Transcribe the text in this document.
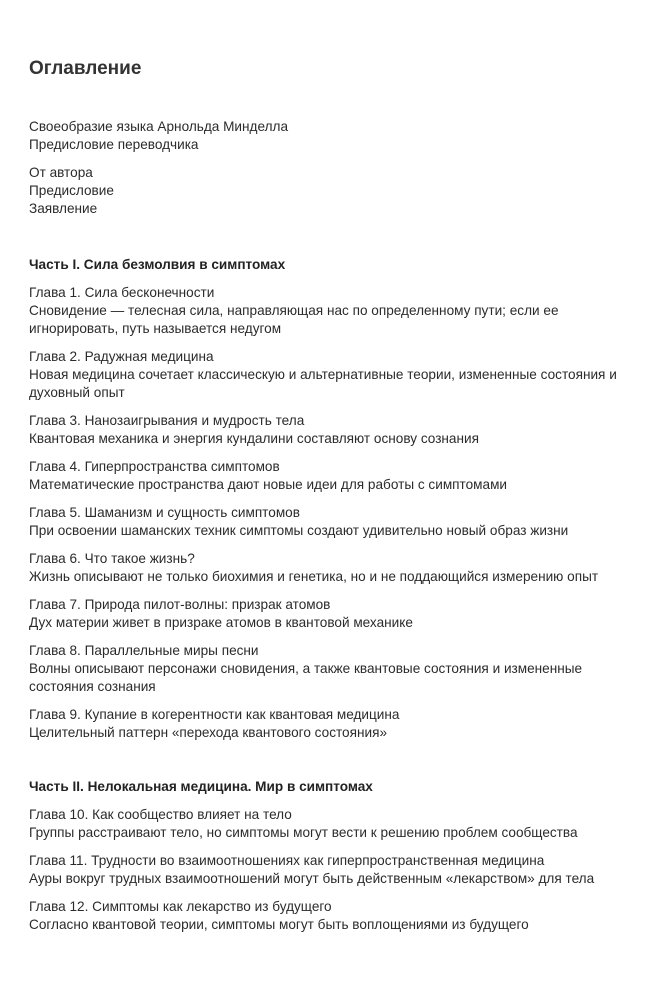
Оглавление
Своеобразие языка Арнольда Минделла
Предисловие переводчика
От автора
Предисловие
Заявление
Часть I. Сила безмолвия в симптомах
Глава 1. Сила бесконечности
Сновидение — телесная сила, направляющая нас по определенному пути; если ее игнорировать, путь называется недугом
Глава 2. Радужная медицина
Новая медицина сочетает классическую и альтернативные теории, измененные состояния и духовный опыт
Глава 3. Нанозаигрывания и мудрость тела
Квантовая механика и энергия кундалини составляют основу сознания
Глава 4. Гиперпространства симптомов
Математические пространства дают новые идеи для работы с симптомами
Глава 5. Шаманизм и сущность симптомов
При освоении шаманских техник симптомы создают удивительно новый образ жизни
Глава 6. Что такое жизнь?
Жизнь описывают не только биохимия и генетика, но и не поддающийся измерению опыт
Глава 7. Природа пилот-волны: призрак атомов
Дух материи живет в призраке атомов в квантовой механике
Глава 8. Параллельные миры песни
Волны описывают персонажи сновидения, а также квантовые состояния и измененные состояния сознания
Глава 9. Купание в когерентности как квантовая медицина
Целительный паттерн «перехода квантового состояния»
Часть II. Нелокальная медицина. Мир в симптомах
Глава 10. Как сообщество влияет на тело
Группы расстраивают тело, но симптомы могут вести к решению проблем сообщества
Глава 11. Трудности во взаимоотношениях как гиперпространственная медицина
Ауры вокруг трудных взаимоотношений могут быть действенным «лекарством» для тела
Глава 12. Симптомы как лекарство из будущего
Согласно квантовой теории, симптомы могут быть воплощениями из будущего
